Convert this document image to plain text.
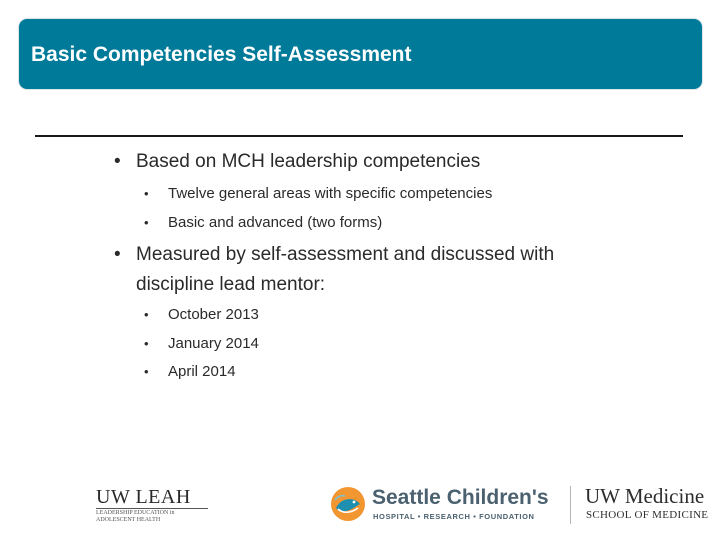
Basic Competencies Self-Assessment
• Based on MCH leadership competencies
• Twelve general areas with specific competencies
• Basic and advanced (two forms)
• Measured by self-assessment and discussed with
discipline lead mentor:
• October 2013
• January 2014
• April 2014
UW LEAH
LEADERSHIP EDUCATION in
ADOLESCENT HEALTH
Seattle Children's
HOSPITAL • RESEARCH • FOUNDATION
UW Medicine
SCHOOL OF MEDICINE
